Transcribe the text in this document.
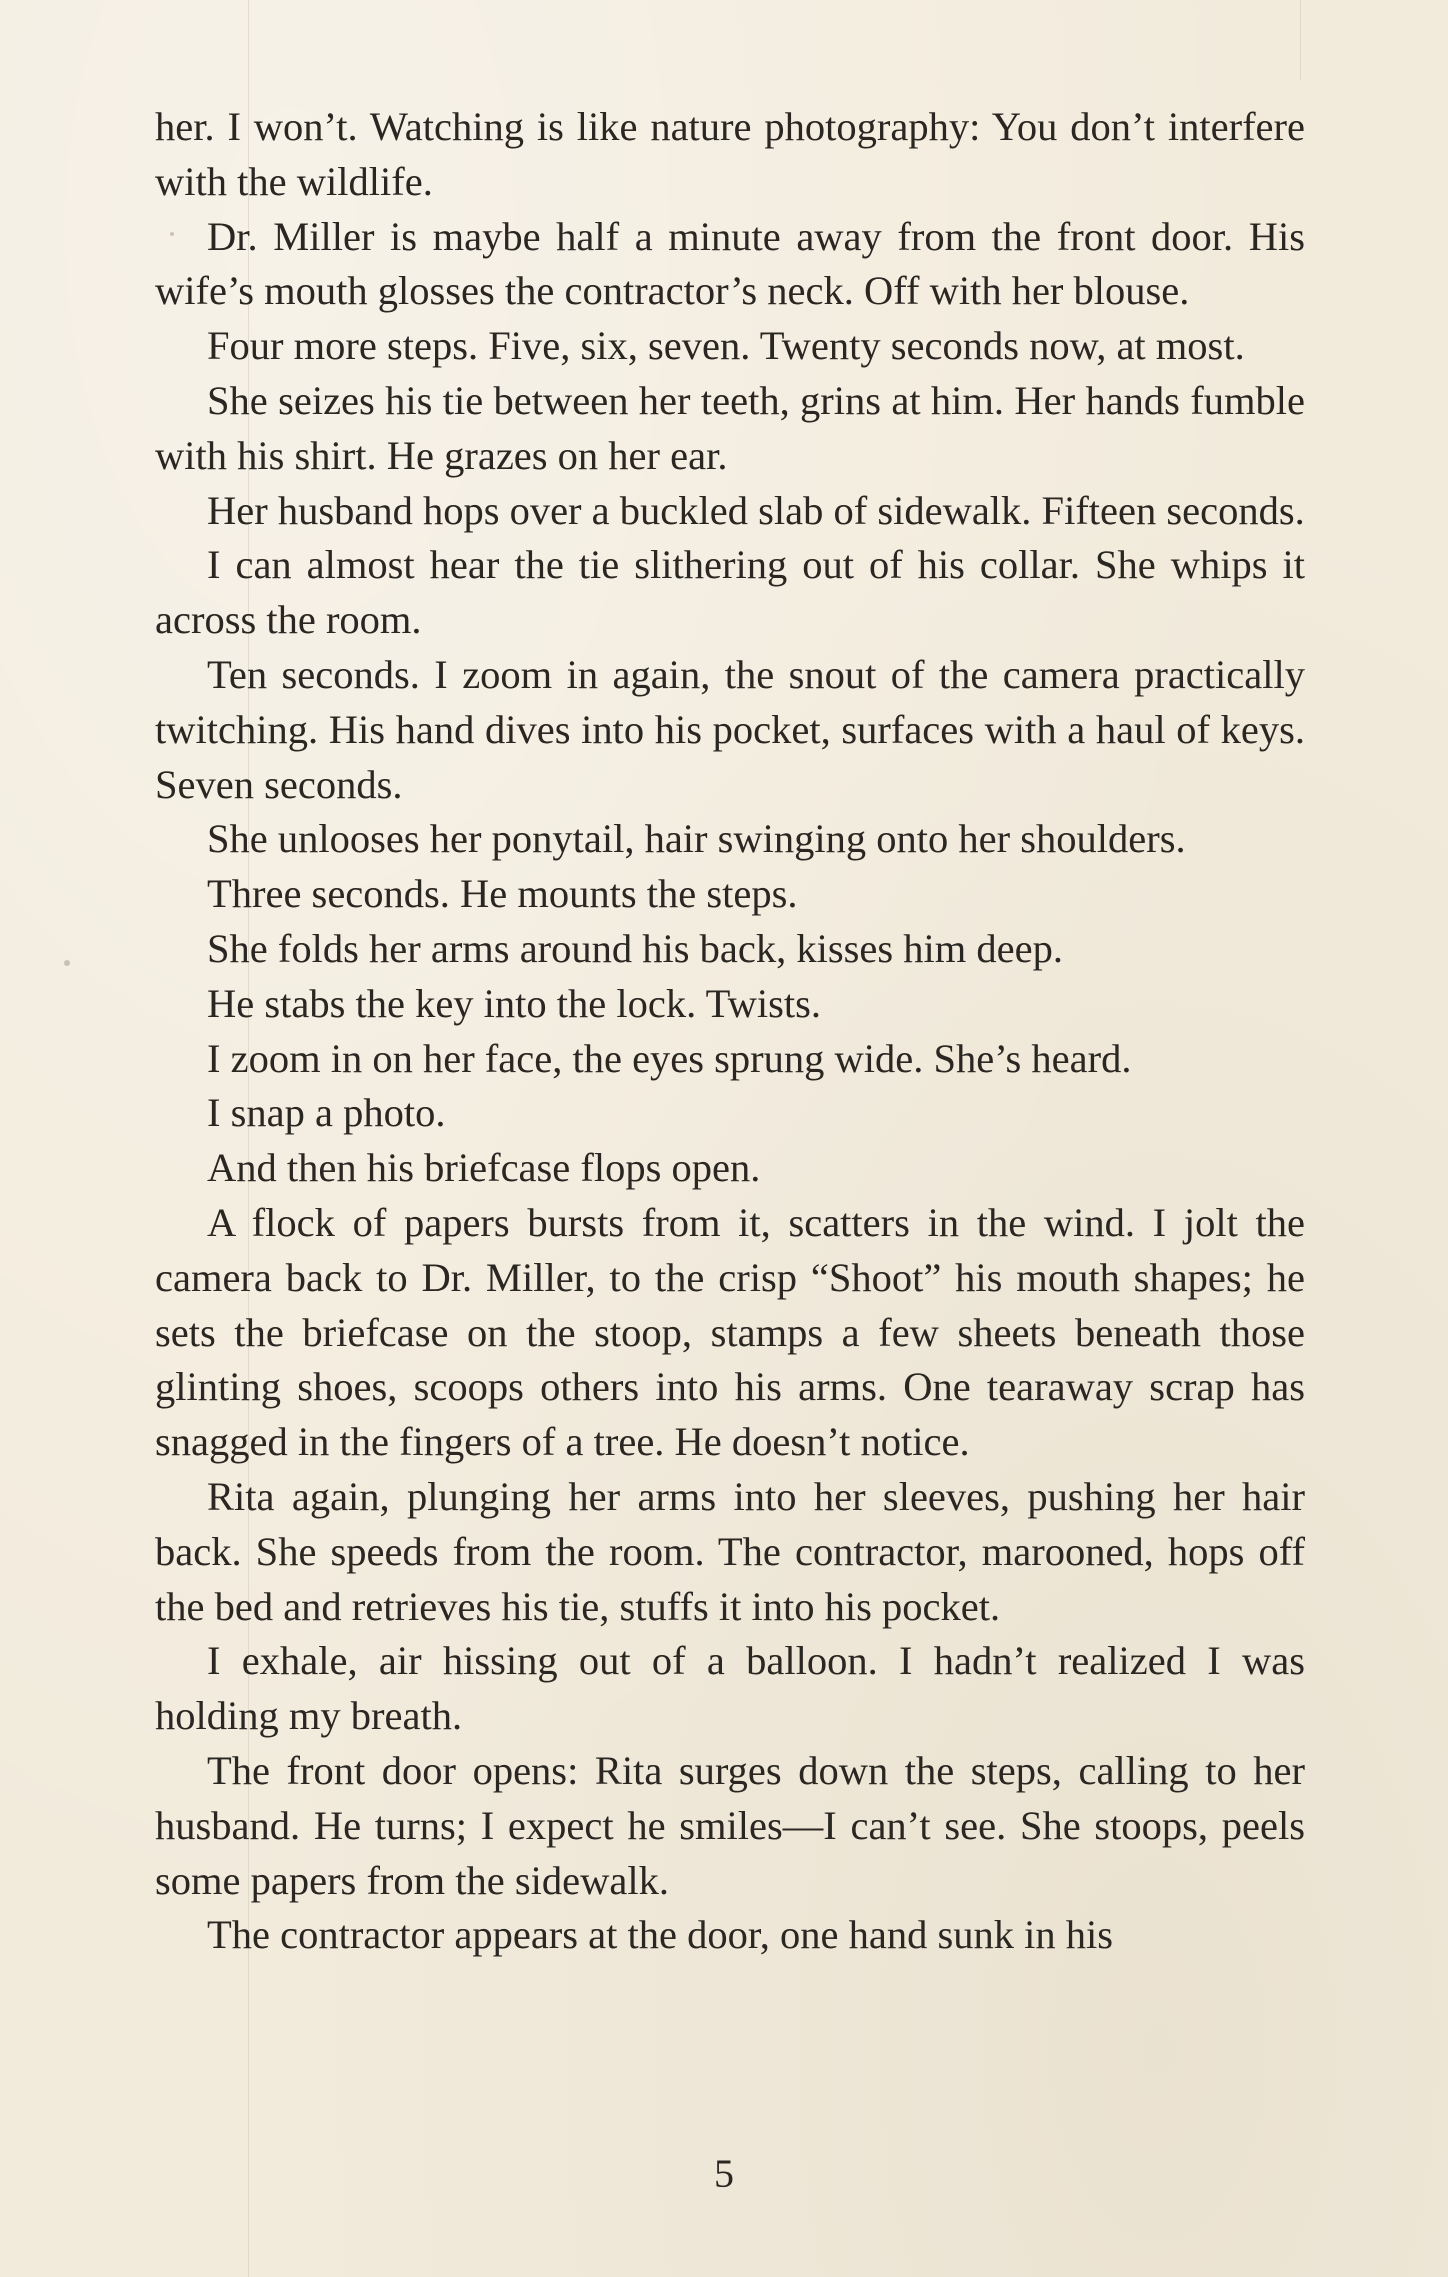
her. I won’t. Watching is like nature photography: You don’t interfere with the wildlife.

Dr. Miller is maybe half a minute away from the front door. His wife’s mouth glosses the contractor’s neck. Off with her blouse.

Four more steps. Five, six, seven. Twenty seconds now, at most.

She seizes his tie between her teeth, grins at him. Her hands fumble with his shirt. He grazes on her ear.

Her husband hops over a buckled slab of sidewalk. Fifteen seconds.

I can almost hear the tie slithering out of his collar. She whips it across the room.

Ten seconds. I zoom in again, the snout of the camera practically twitching. His hand dives into his pocket, surfaces with a haul of keys. Seven seconds.

She unlooses her ponytail, hair swinging onto her shoulders.

Three seconds. He mounts the steps.

She folds her arms around his back, kisses him deep.

He stabs the key into the lock. Twists.

I zoom in on her face, the eyes sprung wide. She’s heard.

I snap a photo.

And then his briefcase flops open.

A flock of papers bursts from it, scatters in the wind. I jolt the camera back to Dr. Miller, to the crisp “Shoot” his mouth shapes; he sets the briefcase on the stoop, stamps a few sheets beneath those glinting shoes, scoops others into his arms. One tearaway scrap has snagged in the fingers of a tree. He doesn’t notice.

Rita again, plunging her arms into her sleeves, pushing her hair back. She speeds from the room. The contractor, marooned, hops off the bed and retrieves his tie, stuffs it into his pocket.

I exhale, air hissing out of a balloon. I hadn’t realized I was holding my breath.

The front door opens: Rita surges down the steps, calling to her husband. He turns; I expect he smiles—I can’t see. She stoops, peels some papers from the sidewalk.

The contractor appears at the door, one hand sunk in his

5
